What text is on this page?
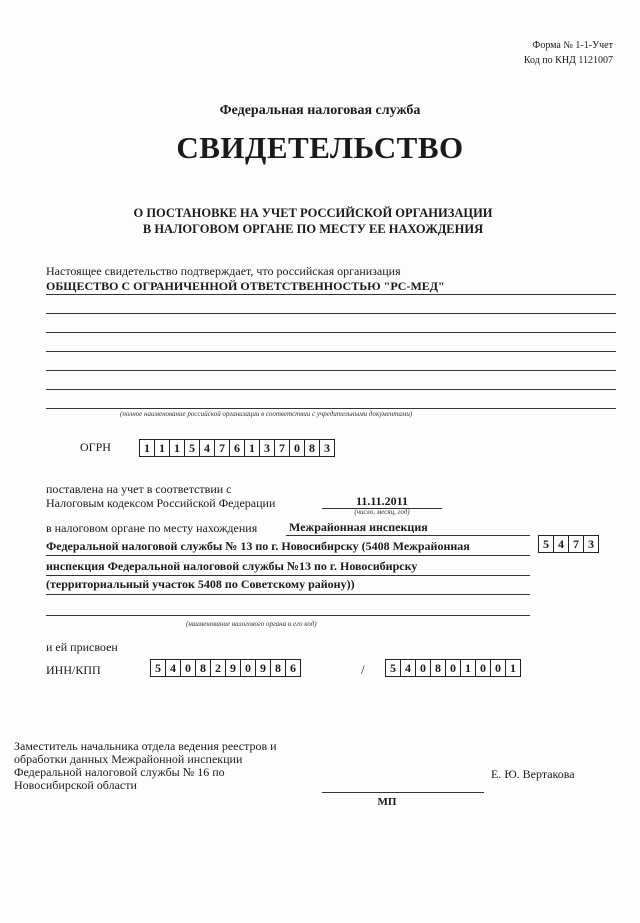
Форма № 1-1-Учет
Код по КНД 1121007
Федеральная налоговая служба
СВИДЕТЕЛЬСТВО
О ПОСТАНОВКЕ НА УЧЕТ РОССИЙСКОЙ ОРГАНИЗАЦИИ
В НАЛОГОВОМ ОРГАНЕ ПО МЕСТУ ЕЕ НАХОЖДЕНИЯ
Настоящее свидетельство подтверждает, что российская организация
ОБЩЕСТВО С ОГРАНИЧЕННОЙ ОТВЕТСТВЕННОСТЬЮ "РС-МЕД"
(полное наименование российской организации в соответствии с учредительными документами)
ОГРН	1 1 1 5 4 7 6 1 3 7 0 8 3
поставлена на учет в соответствии с
Налоговым кодексом Российской Федерации	11.11.2011
(число, месяц, год)
в налоговом органе по месту нахождения	Межрайонная инспекция
Федеральной налоговой службы № 13 по г. Новосибирску (5408 Межрайонная
инспекция Федеральной налоговой службы №13 по г. Новосибирску
(территориальный участок 5408 по Советскому району))
(наименование налогового органа и его код)
5 4 7 3
и ей присвоен
ИНН/КПП	5 4 0 8 2 9 0 9 8 6	/	5 4 0 8 0 1 0 0 1
Заместитель начальника отдела ведения реестров и
обработки данных Межрайонной инспекции
Федеральной налоговой службы № 16 по
Новосибирской области
Е. Ю. Вертакова
МП
